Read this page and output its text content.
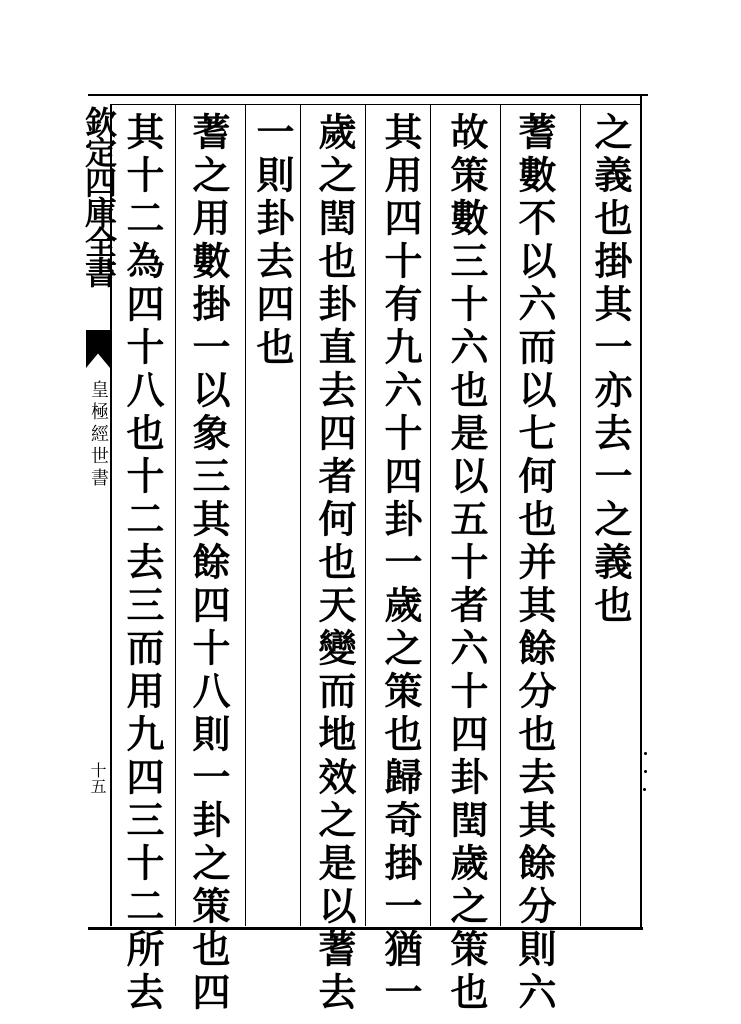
欽定四庫全書
皇極經世書
十五
之義也掛其一亦去一之義也
蓍數不以六而以七何也并其餘分也去其餘分則六
故策數三十六也是以五十者六十四卦閏歲之策也
其用四十有九六十四卦一歲之策也歸奇掛一猶一
歲之閏也卦直去四者何也天變而地效之是以蓍去
一則卦去四也
蓍之用數掛一以象三其餘四十八則一卦之策也四
其十二為四十八也十二去三而用九四三十二所去
